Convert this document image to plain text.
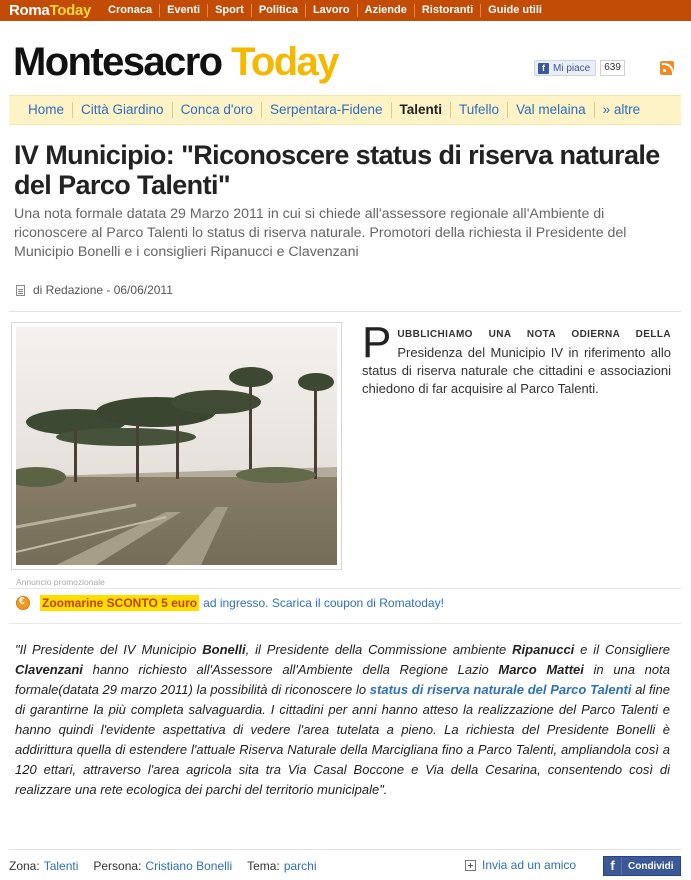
RomaToday	Cronaca	Eventi	Sport	Politica	Lavoro	Aziende	Ristoranti	Guide utili
Montesacro Today	f Mi piace	639
Home	Città Giardino	Conca d'oro	Serpentara-Fidene	Talenti	Tufello	Val melaina	» altre
IV Municipio: "Riconoscere status di riserva naturale del Parco Talenti"

Una nota formale datata 29 Marzo 2011 in cui si chiede all'assessore regionale all'Ambiente di riconoscere al Parco Talenti lo status di riserva naturale. Promotori della richiesta il Presidente del Municipio Bonelli e i consiglieri Ripanucci e Clavenzani

di Redazione - 06/06/2011
PUBBLICHIAMO UNA NOTA ODIERNA DELLA Presidenza del Municipio IV in riferimento allo status di riserva naturale che cittadini e associazioni chiedono di far acquisire al Parco Talenti.
Annuncio promozionale
€
Zoomarine SCONTO 5 euro ad ingresso. Scarica il coupon di Romatoday!
"Il Presidente del IV Municipio Bonelli, il Presidente della Commissione ambiente Ripanucci e il Consigliere Clavenzani hanno richiesto all'Assessore all'Ambiente della Regione Lazio Marco Mattei in una nota formale(datata 29 marzo 2011) la possibilità di riconoscere lo status di riserva naturale del Parco Talenti al fine di garantirne la più completa salvaguardia. I cittadini per anni hanno atteso la realizzazione del Parco Talenti e hanno quindi l'evidente aspettativa di vedere l'area tutelata a pieno. La richiesta del Presidente Bonelli è addirittura quella di estendere l'attuale Riserva Naturale della Marcigliana fino a Parco Talenti, ampliandola così a 120 ettari, attraverso l'area agricola sita tra Via Casal Boccone e Via della Cesarina, consentendo così di realizzare una rete ecologica dei parchi del territorio municipale".
Zona: Talenti Persona: Cristiano Bonelli Tema: parchi	Invia ad un amico	f	Condividi
